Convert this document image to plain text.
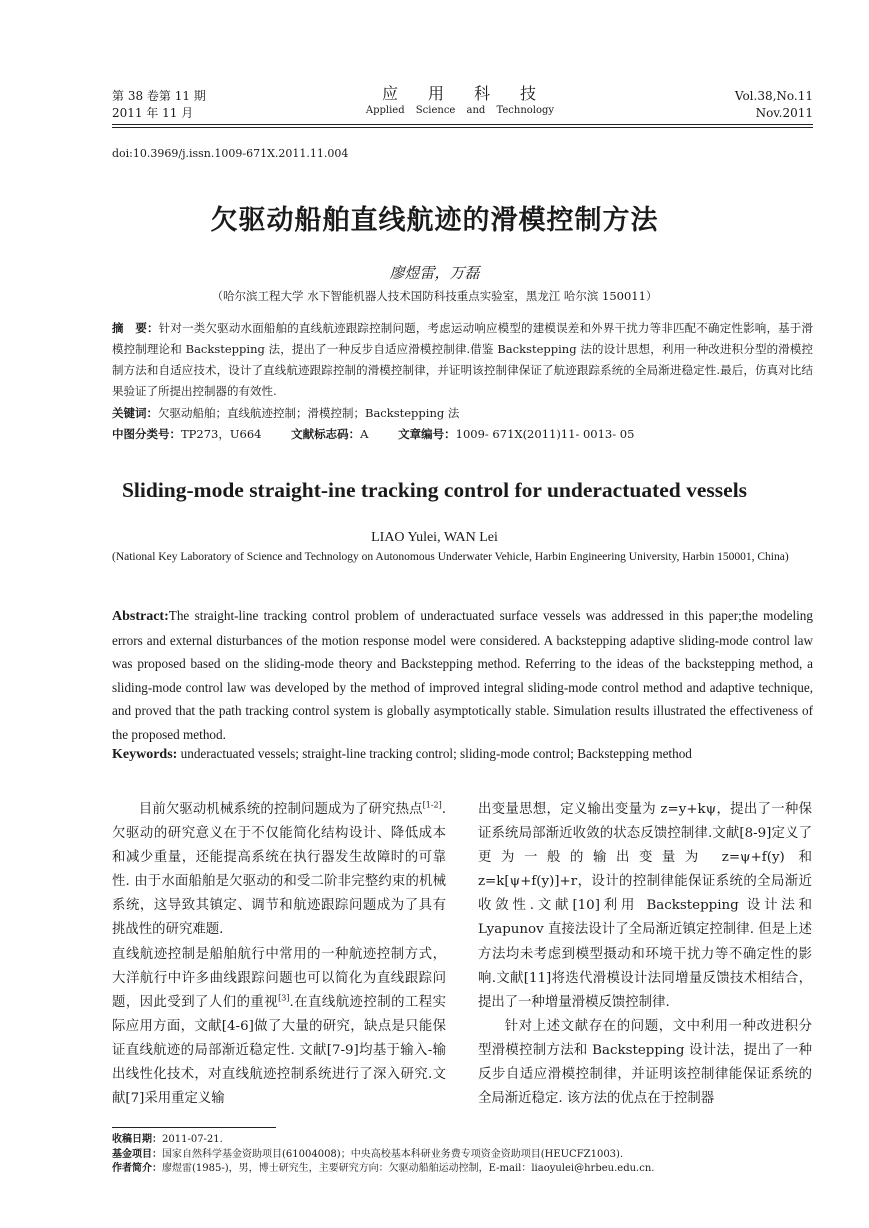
第 38 卷第 11 期
2011 年 11 月
应用科技
Applied Science and Technology
Vol.38,No.11
Nov.2011
doi:10.3969/j.issn.1009-671X.2011.11.004
欠驱动船舶直线航迹的滑模控制方法
廖煜雷，万磊
（哈尔滨工程大学 水下智能机器人技术国防科技重点实验室，黑龙江 哈尔滨 150011）
摘　要：针对一类欠驱动水面船舶的直线航迹跟踪控制问题，考虑运动响应模型的建模误差和外界干扰力等非匹配不确定性影响，基于滑模控制理论和 Backstepping 法，提出了一种反步自适应滑模控制律.借鉴 Backstepping 法的设计思想，利用一种改进积分型的滑模控制方法和自适应技术，设计了直线航迹跟踪控制的滑模控制律，并证明该控制律保证了航迹跟踪系统的全局渐进稳定性.最后，仿真对比结果验证了所提出控制器的有效性.
关键词：欠驱动船舶；直线航迹控制；滑模控制；Backstepping 法
中图分类号：TP273，U664	文献标志码：A	文章编号：1009- 671X(2011)11- 0013- 05
Sliding-mode straight-ine tracking control for underactuated vessels
LIAO Yulei, WAN Lei
(National Key Laboratory of Science and Technology on Autonomous Underwater Vehicle, Harbin Engineering University, Harbin 150001, China)
Abstract:The straight-line tracking control problem of underactuated surface vessels was addressed in this paper;the modeling errors and external disturbances of the motion response model were considered. A backstepping adaptive sliding-mode control law was proposed based on the sliding-mode theory and Backstepping method. Referring to the ideas of the backstepping method, a sliding-mode control law was developed by the method of improved integral sliding-mode control method and adaptive technique, and proved that the path tracking control system is globally asymptotically stable. Simulation results illustrated the effectiveness of the proposed method.
Keywords: underactuated vessels; straight-line tracking control; sliding-mode control; Backstepping method

目前欠驱动机械系统的控制问题成为了研究热点[1-2].欠驱动的研究意义在于不仅能简化结构设计、降低成本和减少重量，还能提高系统在执行器发生故障时的可靠性. 由于水面船舶是欠驱动的和受二阶非完整约束的机械系统，这导致其镇定、调节和航迹跟踪问题成为了具有挑战性的研究难题.

直线航迹控制是船舶航行中常用的一种航迹控制方式，大洋航行中许多曲线跟踪问题也可以简化为直线跟踪问题，因此受到了人们的重视[3].在直线航迹控制的工程实际应用方面，文献[4-6]做了大量的研究，缺点是只能保证直线航迹的局部渐近稳定性. 文献[7-9]均基于输入-输出线性化技术，对直线航迹控制系统进行了深入研究.文献[7]采用重定义输

出变量思想，定义输出变量为 z=y+kψ，提出了一种保证系统局部渐近收敛的状态反馈控制律.文献[8-9]定义了更为一般的输出变量为 z=ψ+f(y) 和 z=k[ψ+f(y)]+r，设计的控制律能保证系统的全局渐近收敛性.文献[10]利用 Backstepping 设计法和 Lyapunov 直接法设计了全局渐近镇定控制律. 但是上述方法均未考虑到模型摄动和环境干扰力等不确定性的影响.文献[11]将迭代滑模设计法同增量反馈技术相结合，提出了一种增量滑模反馈控制律.

针对上述文献存在的问题，文中利用一种改进积分型滑模控制方法和 Backstepping 设计法，提出了一种反步自适应滑模控制律，并证明该控制律能保证系统的全局渐近稳定. 该方法的优点在于控制器

收稿日期：2011-07-21.
基金项目：国家自然科学基金资助项目(61004008)；中央高校基本科研业务费专项资金资助项目(HEUCFZ1003).
作者简介：廖煜雷(1985-)，男，博士研究生，主要研究方向：欠驱动船舶运动控制，E-mail：liaoyulei@hrbeu.edu.cn.
